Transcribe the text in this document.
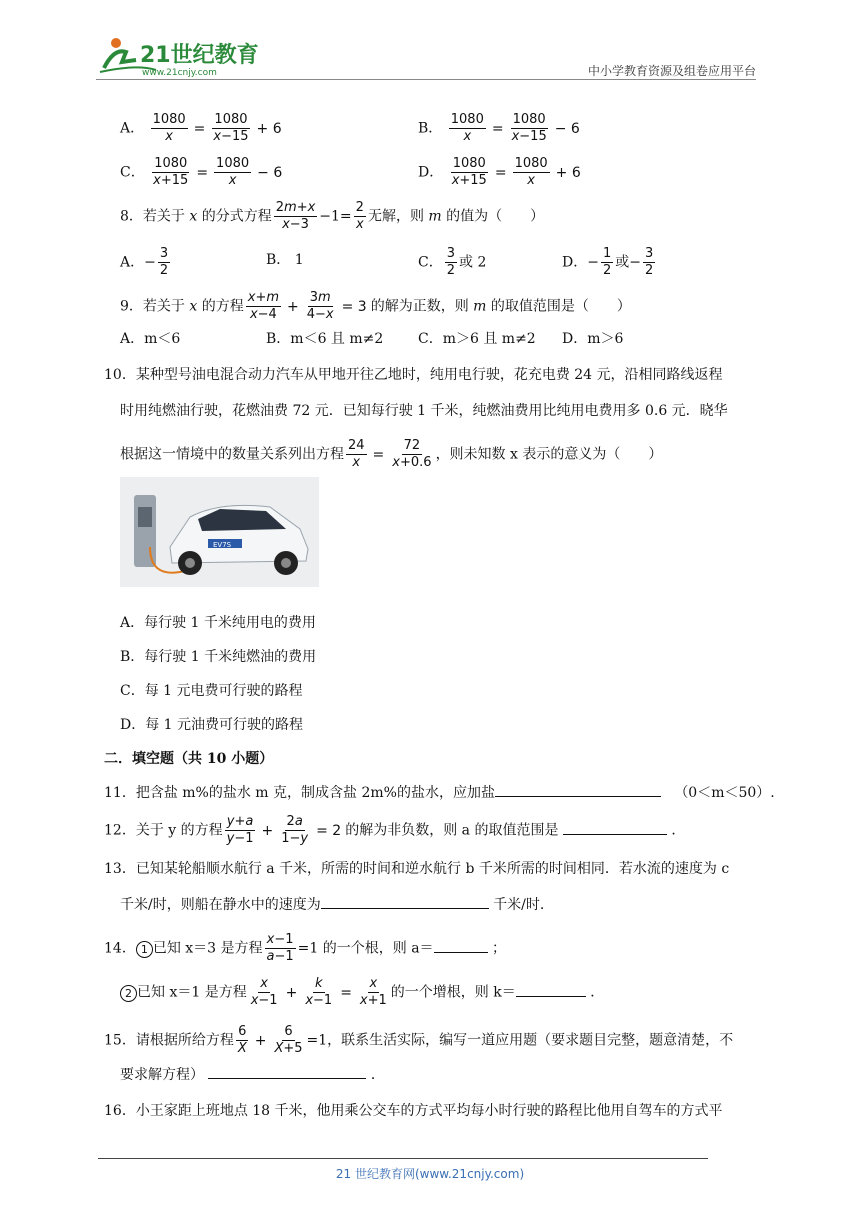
21世纪教育
www.21cnjy.com	中小学教育资源及组卷应用平台
A． $\frac{1080}{x} = \frac{1080}{x-15} + 6$	B． $\frac{1080}{x} = \frac{1080}{x-15} - 6$
C． $\frac{1080}{x+15} = \frac{1080}{x} - 6$	D． $\frac{1080}{x+15} = \frac{1080}{x} + 6$
8．若关于 x 的分式方程 $\frac{2m+x}{x-3} -1= \frac{2}{x}$ 无解，则 m 的值为（　　）
A．− $\frac{3}{2}$	B． 1	C． $\frac{3}{2}$ 或 2	D．− $\frac{1}{2}$ 或− $\frac{3}{2}$
9．若关于 x 的方程 $\frac{x+m}{x-4} + \frac{3m}{4-x} = 3$ 的解为正数，则 m 的取值范围是（　　）
A．m＜6	B．m＜6 且 m≠2 C．m＞6 且 m≠2 D．m＞6
10．某种型号油电混合动力汽车从甲地开往乙地时，纯用电行驶，花充电费 24 元，沿相同路线返程
时用纯燃油行驶，花燃油费 72 元．已知每行驶 1 千米，纯燃油费用比纯用电费用多 0.6 元．晓华
根据这一情境中的数量关系列出方程 $\frac{24}{x} = \frac{72}{x+0.6}$ ，则未知数 x 表示的意义为（　　）
EV7S
A．每行驶 1 千米纯用电的费用
B．每行驶 1 千米纯燃油的费用
C．每 1 元电费可行驶的路程
D．每 1 元油费可行驶的路程
二．填空题（共 10 小题）
11．把含盐 m%的盐水 m 克，制成含盐 2m%的盐水，应加盐	（0＜m＜50）.
12．关于 y 的方程 $\frac{y+a}{y-1} + \frac{2a}{1-y} = 2$ 的解为非负数，则 a 的取值范围是	．
13．已知某轮船顺水航行 a 千米，所需的时间和逆水航行 b 千米所需的时间相同．若水流的速度为 c
千米/时，则船在静水中的速度为	千米/时.
14． 1 已知 x＝3 是方程 $\frac{x-1}{a-1} =1$ 的一个根，则 a＝	；
2 已知 x＝1 是方程 $\frac{x}{x-1} + \frac{k}{x-1} = \frac{x}{x+1}$ 的一个增根，则 k＝	．
15．请根据所给方程 $\frac{6}{X} + \frac{6}{X+5} =1$，联系生活实际，编写一道应用题（要求题目完整，题意清楚，不
要求解方程）	．
16．小王家距上班地点 18 千米，他用乘公交车的方式平均每小时行驶的路程比他用自驾车的方式平
21 世纪教育网(www.21cnjy.com)
